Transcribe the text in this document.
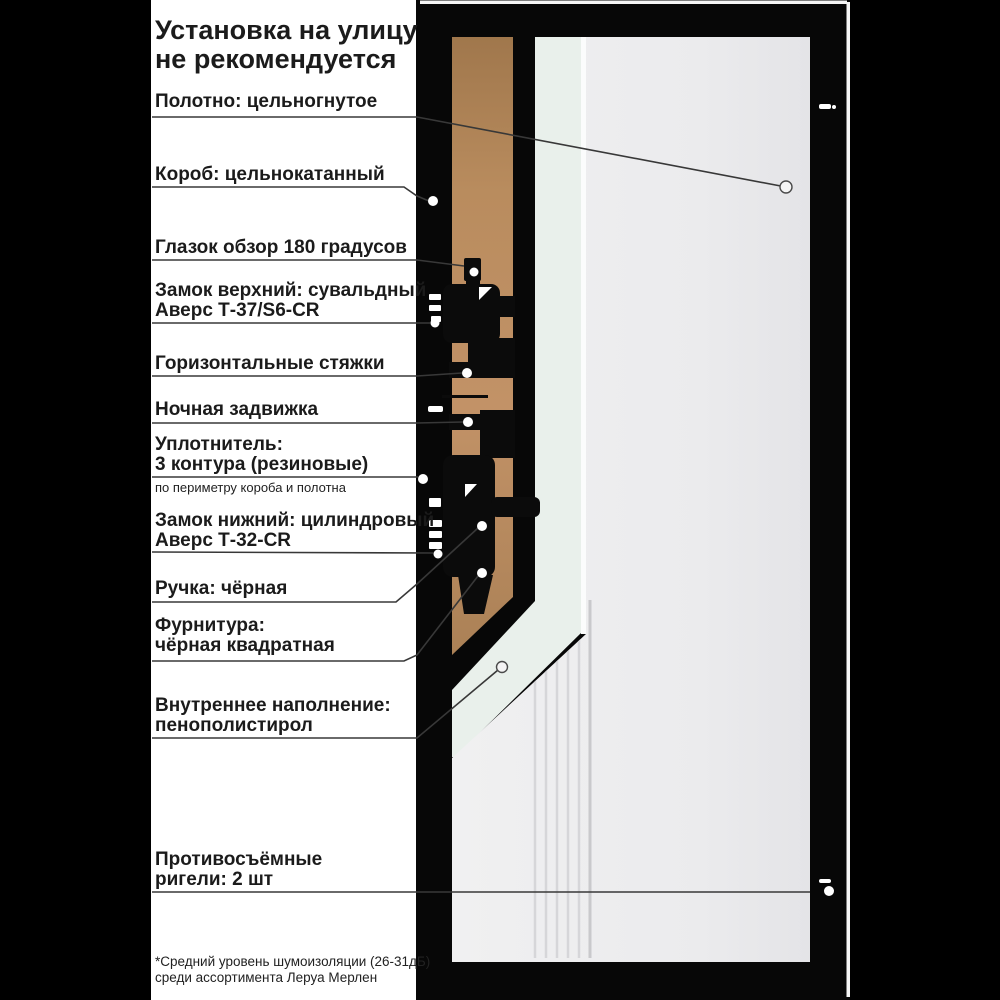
Установка на улицу
не рекомендуется
Полотно: цельногнутое
Короб: цельнокатанный
Глазок обзор 180 градусов
Замок верхний: сувальдный
Аверс Т-37/S6-CR
Горизонтальные стяжки
Ночная задвижка
Уплотнитель:
3 контура (резиновые)
по периметру короба и полотна
Замок нижний: цилиндровый
Аверс Т-32-CR
Ручка: чёрная
Фурнитура:
чёрная квадратная
Внутреннее наполнение:
пенополистирол
Противосъёмные
ригели: 2 шт
*Средний уровень шумоизоляции (26-31дБ)
среди ассортимента Леруа Мерлен
